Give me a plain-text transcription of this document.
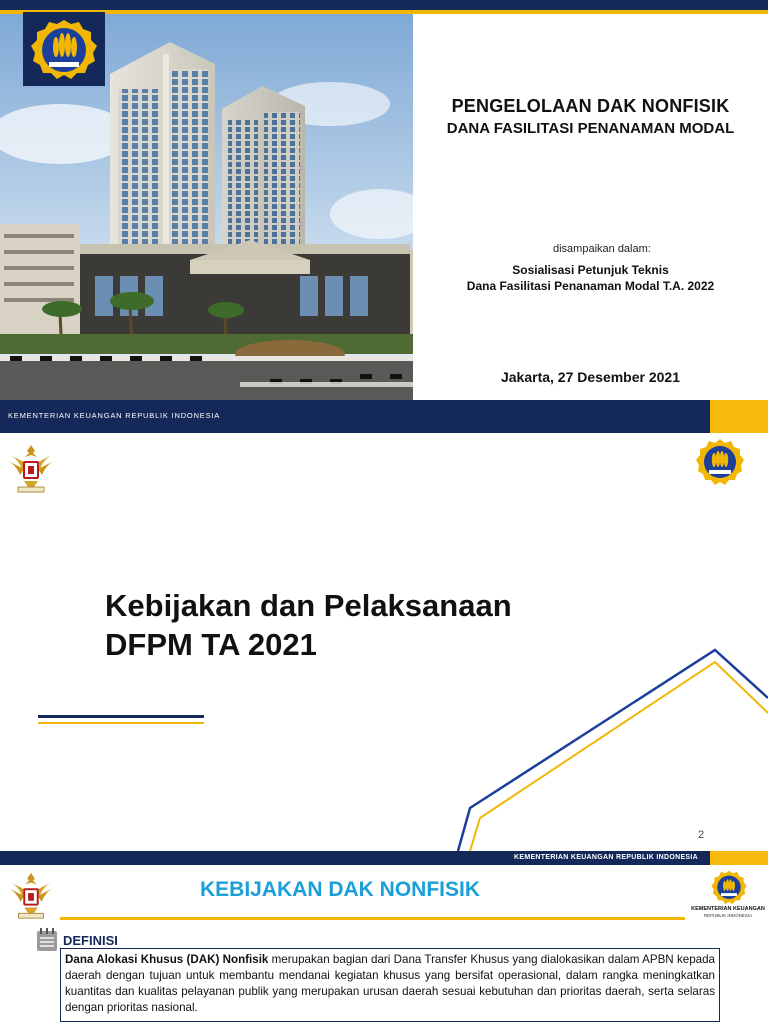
PENGELOLAAN DAK NONFISIK
DANA FASILITASI PENANAMAN MODAL
disampaikan dalam:
Sosialisasi Petunjuk Teknis
Dana Fasilitasi Penanaman Modal T.A. 2022
Jakarta, 27 Desember 2021
KEMENTERIAN KEUANGAN REPUBLIK INDONESIA
Kebijakan dan Pelaksanaan
DFPM TA 2021
2
KEMENTERIAN KEUANGAN REPUBLIK INDONESIA
KEBIJAKAN DAK NONFISIK
KEMENTERIAN KEUANGAN
REPUBLIK INDONESIA
DEFINISI
Dana Alokasi Khusus (DAK) Nonfisik merupakan bagian dari Dana Transfer Khusus yang dialokasikan dalam APBN kepada daerah dengan tujuan untuk membantu mendanai kegiatan khusus yang bersifat operasional, dalam rangka meningkatkan kuantitas dan kualitas pelayanan publik yang merupakan urusan daerah sesuai kebutuhan dan prioritas daerah, serta selaras dengan prioritas nasional.
